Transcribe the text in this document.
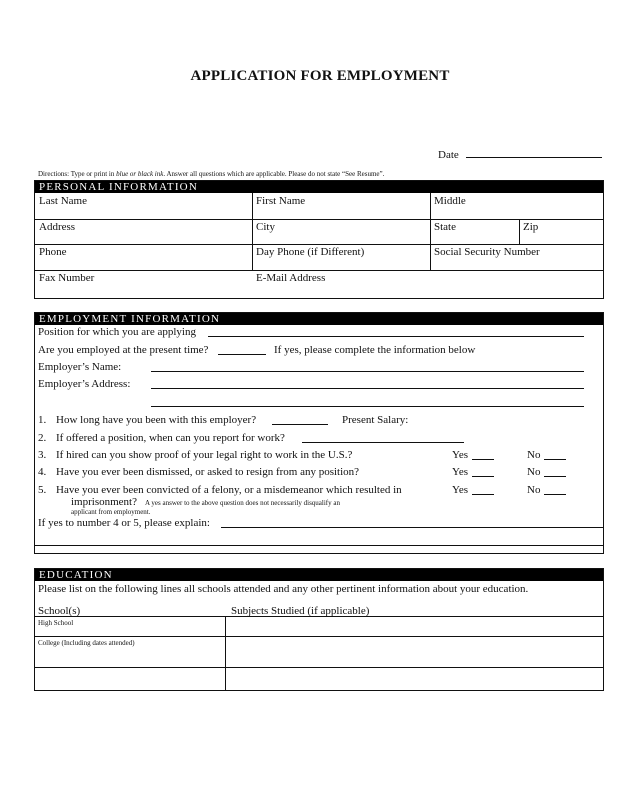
APPLICATION FOR EMPLOYMENT
Date
Directions: Type or print in blue or black ink. Answer all questions which are applicable. Please do not state “See Resume”.
PERSONAL INFORMATION
Last Name	First Name	Middle
Address	City	State	Zip
Phone	Day Phone (if Different)	Social Security Number
Fax Number	E-Mail Address
EMPLOYMENT INFORMATION
Position for which you are applying
Are you employed at the present time?	If yes, please complete the information below
Employer’s Name:
Employer’s Address:
1. How long have you been with this employer?	Present Salary:
2. If offered a position, when can you report for work?
3. If hired can you show proof of your legal right to work in the U.S.?	Yes	No
4. Have you ever been dismissed, or asked to resign from any position?	Yes	No
5. Have you ever been convicted of a felony, or a misdemeanor which resulted in
imprisonment? A yes answer to the above question does not necessarily disqualify an
applicant from employment.
Yes	No
If yes to number 4 or 5, please explain:
EDUCATION
Please list on the following lines all schools attended and any other pertinent information about your education.
School(s)	Subjects Studied (if applicable)
High School
College (Including dates attended)
